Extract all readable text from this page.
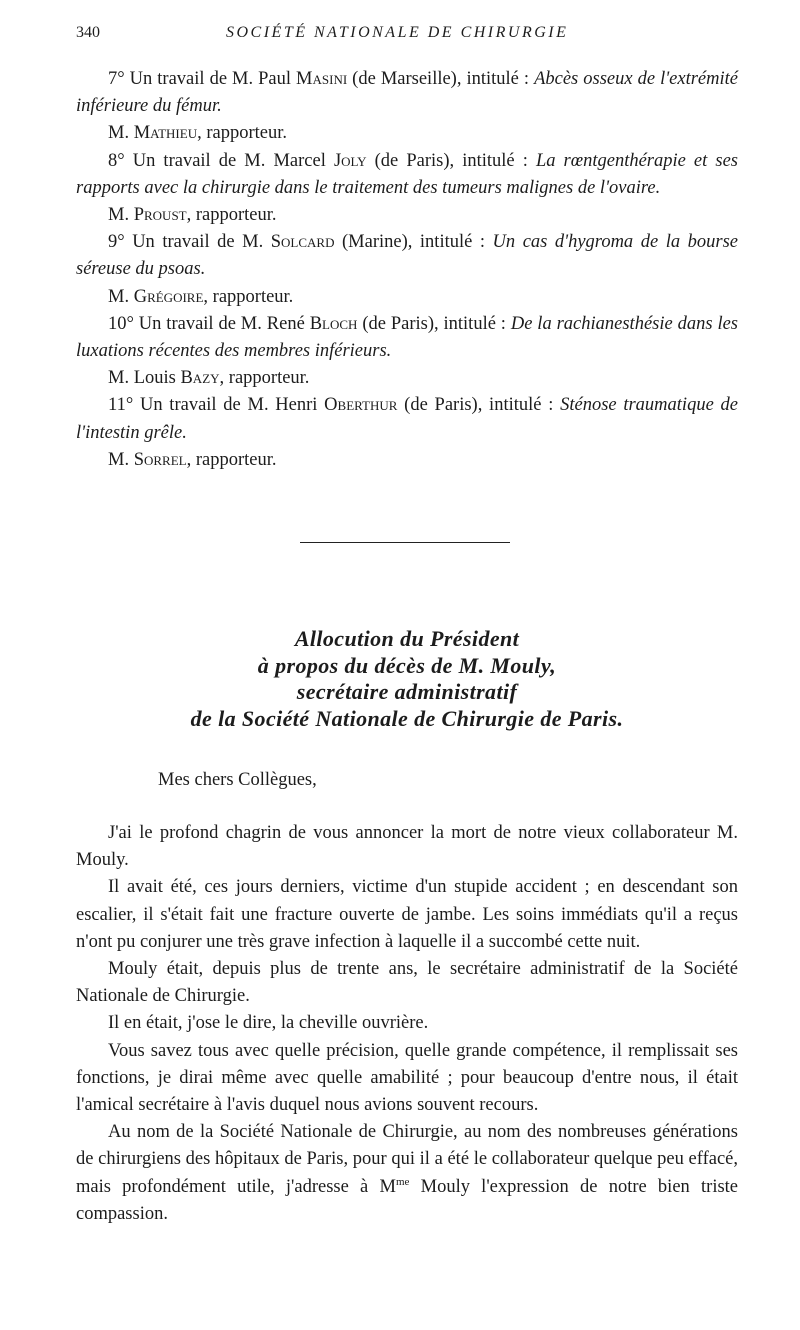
340	SOCIÉTÉ NATIONALE DE CHIRURGIE

7° Un travail de M. Paul Masini (de Marseille), intitulé : Abcès osseux de l'extrémité inférieure du fémur.

M. Mathieu, rapporteur.

8° Un travail de M. Marcel Joly (de Paris), intitulé : La rœntgenthérapie et ses rapports avec la chirurgie dans le traitement des tumeurs malignes de l'ovaire.

M. Proust, rapporteur.

9° Un travail de M. Solcard (Marine), intitulé : Un cas d'hygroma de la bourse séreuse du psoas.

M. Grégoire, rapporteur.

10° Un travail de M. René Bloch (de Paris), intitulé : De la rachianesthésie dans les luxations récentes des membres inférieurs.

M. Louis Bazy, rapporteur.

11° Un travail de M. Henri Oberthur (de Paris), intitulé : Sténose traumatique de l'intestin grêle.

M. Sorrel, rapporteur.

Allocution du Président
à propos du décès de M. Mouly,
secrétaire administratif
de la Société Nationale de Chirurgie de Paris.
Mes chers Collègues,

J'ai le profond chagrin de vous annoncer la mort de notre vieux collaborateur M. Mouly.

Il avait été, ces jours derniers, victime d'un stupide accident ; en descendant son escalier, il s'était fait une fracture ouverte de jambe. Les soins immédiats qu'il a reçus n'ont pu conjurer une très grave infection à laquelle il a succombé cette nuit.

Mouly était, depuis plus de trente ans, le secrétaire administratif de la Société Nationale de Chirurgie.

Il en était, j'ose le dire, la cheville ouvrière.

Vous savez tous avec quelle précision, quelle grande compétence, il remplissait ses fonctions, je dirai même avec quelle amabilité ; pour beaucoup d'entre nous, il était l'amical secrétaire à l'avis duquel nous avions souvent recours.

Au nom de la Société Nationale de Chirurgie, au nom des nombreuses générations de chirurgiens des hôpitaux de Paris, pour qui il a été le collaborateur quelque peu effacé, mais profondément utile, j'adresse à $M^{me}$ Mouly l'expression de notre bien triste compassion.
